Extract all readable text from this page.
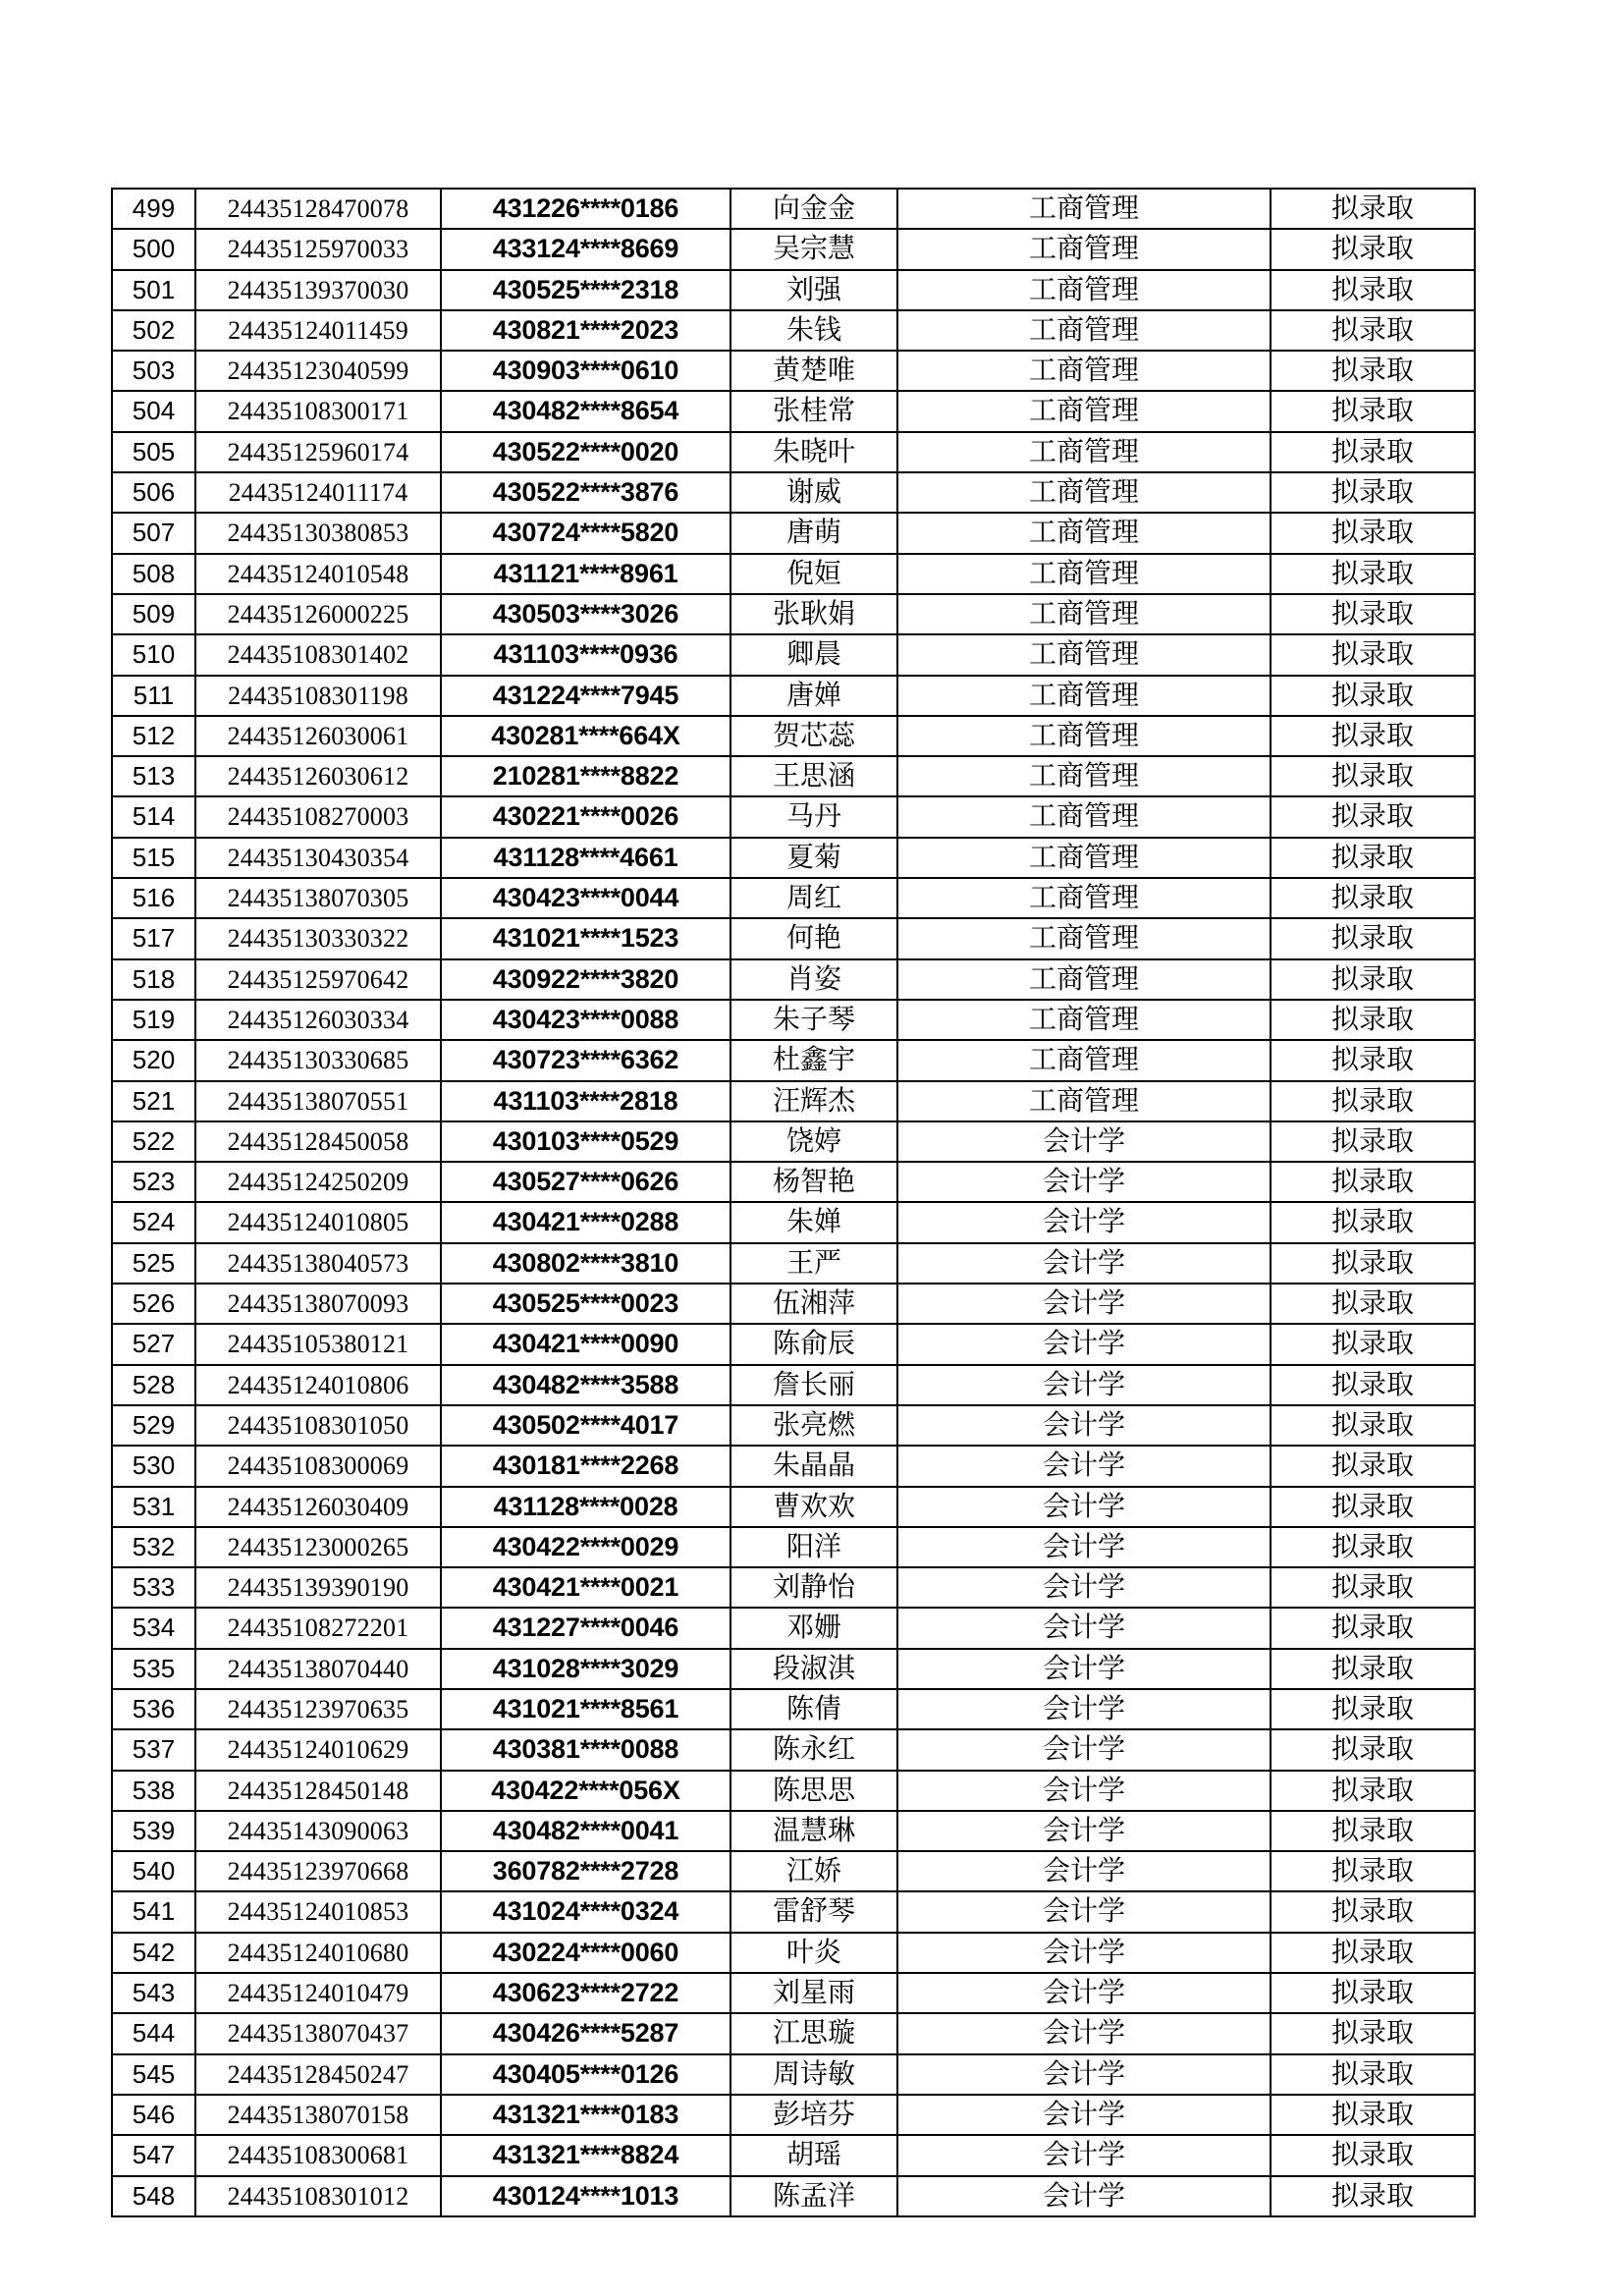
499	24435128470078	431226****0186	向金金	工商管理	拟录取
500	24435125970033	433124****8669	吴宗慧	工商管理	拟录取
501	24435139370030	430525****2318	刘强	工商管理	拟录取
502	24435124011459	430821****2023	朱钱	工商管理	拟录取
503	24435123040599	430903****0610	黄楚唯	工商管理	拟录取
504	24435108300171	430482****8654	张桂常	工商管理	拟录取
505	24435125960174	430522****0020	朱晓叶	工商管理	拟录取
506	24435124011174	430522****3876	谢威	工商管理	拟录取
507	24435130380853	430724****5820	唐萌	工商管理	拟录取
508	24435124010548	431121****8961	倪姮	工商管理	拟录取
509	24435126000225	430503****3026	张耿娟	工商管理	拟录取
510	24435108301402	431103****0936	卿晨	工商管理	拟录取
511	24435108301198	431224****7945	唐婵	工商管理	拟录取
512	24435126030061	430281****664X	贺芯蕊	工商管理	拟录取
513	24435126030612	210281****8822	王思涵	工商管理	拟录取
514	24435108270003	430221****0026	马丹	工商管理	拟录取
515	24435130430354	431128****4661	夏菊	工商管理	拟录取
516	24435138070305	430423****0044	周红	工商管理	拟录取
517	24435130330322	431021****1523	何艳	工商管理	拟录取
518	24435125970642	430922****3820	肖姿	工商管理	拟录取
519	24435126030334	430423****0088	朱子琴	工商管理	拟录取
520	24435130330685	430723****6362	杜鑫宇	工商管理	拟录取
521	24435138070551	431103****2818	汪辉杰	工商管理	拟录取
522	24435128450058	430103****0529	饶婷	会计学	拟录取
523	24435124250209	430527****0626	杨智艳	会计学	拟录取
524	24435124010805	430421****0288	朱婵	会计学	拟录取
525	24435138040573	430802****3810	王严	会计学	拟录取
526	24435138070093	430525****0023	伍湘萍	会计学	拟录取
527	24435105380121	430421****0090	陈俞辰	会计学	拟录取
528	24435124010806	430482****3588	詹长丽	会计学	拟录取
529	24435108301050	430502****4017	张亮燃	会计学	拟录取
530	24435108300069	430181****2268	朱晶晶	会计学	拟录取
531	24435126030409	431128****0028	曹欢欢	会计学	拟录取
532	24435123000265	430422****0029	阳洋	会计学	拟录取
533	24435139390190	430421****0021	刘静怡	会计学	拟录取
534	24435108272201	431227****0046	邓姗	会计学	拟录取
535	24435138070440	431028****3029	段淑淇	会计学	拟录取
536	24435123970635	431021****8561	陈倩	会计学	拟录取
537	24435124010629	430381****0088	陈永红	会计学	拟录取
538	24435128450148	430422****056X	陈思思	会计学	拟录取
539	24435143090063	430482****0041	温慧琳	会计学	拟录取
540	24435123970668	360782****2728	江娇	会计学	拟录取
541	24435124010853	431024****0324	雷舒琴	会计学	拟录取
542	24435124010680	430224****0060	叶炎	会计学	拟录取
543	24435124010479	430623****2722	刘星雨	会计学	拟录取
544	24435138070437	430426****5287	江思璇	会计学	拟录取
545	24435128450247	430405****0126	周诗敏	会计学	拟录取
546	24435138070158	431321****0183	彭培芬	会计学	拟录取
547	24435108300681	431321****8824	胡瑶	会计学	拟录取
548	24435108301012	430124****1013	陈孟洋	会计学	拟录取
